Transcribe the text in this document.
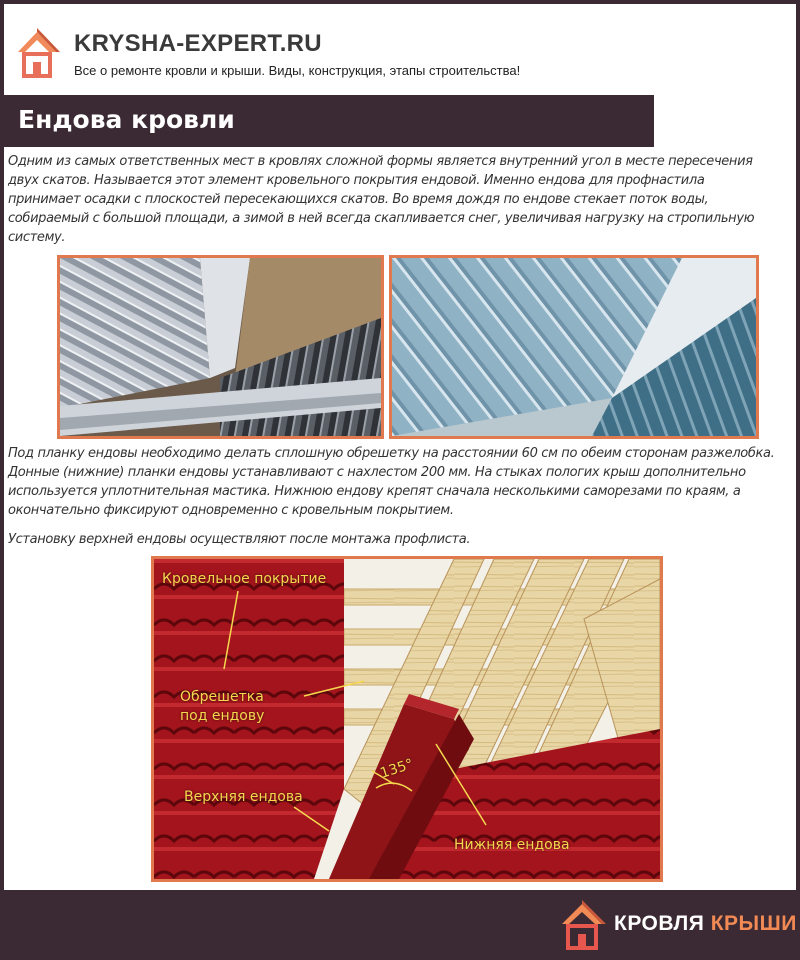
KRYSHA-EXPERT.RU
Все о ремонте кровли и крыши. Виды, конструкция, этапы строительства!
Ендова кровли
Одним из самых ответственных мест в кровлях сложной формы является внутренний угол в месте пересечения двух скатов. Называется этот элемент кровельного покрытия ендовой. Именно ендова для профнастила принимает осадки с плоскостей пересекающихся скатов. Во время дождя по ендове стекает поток воды, собираемый с большой площади, а зимой в ней всегда скапливается снег, увеличивая нагрузку на стропильную систему.
Под планку ендовы необходимо делать сплошную обрешетку на расстоянии 60 см по обеим сторонам разжелобка. Донные (нижние) планки ендовы устанавливают с нахлестом 200 мм. На стыках пологих крыш дополнительно используется уплотнительная мастика. Нижнюю ендову крепят сначала несколькими саморезами по краям, а окончательно фиксируют одновременно с кровельным покрытием.
Установку верхней ендовы осуществляют после монтажа профлиста.
Кровельное покрытие
Обрешетка
под ендову
Верхняя ендова
135°
Нижняя ендова
КРОВЛЯ КРЫШИ
